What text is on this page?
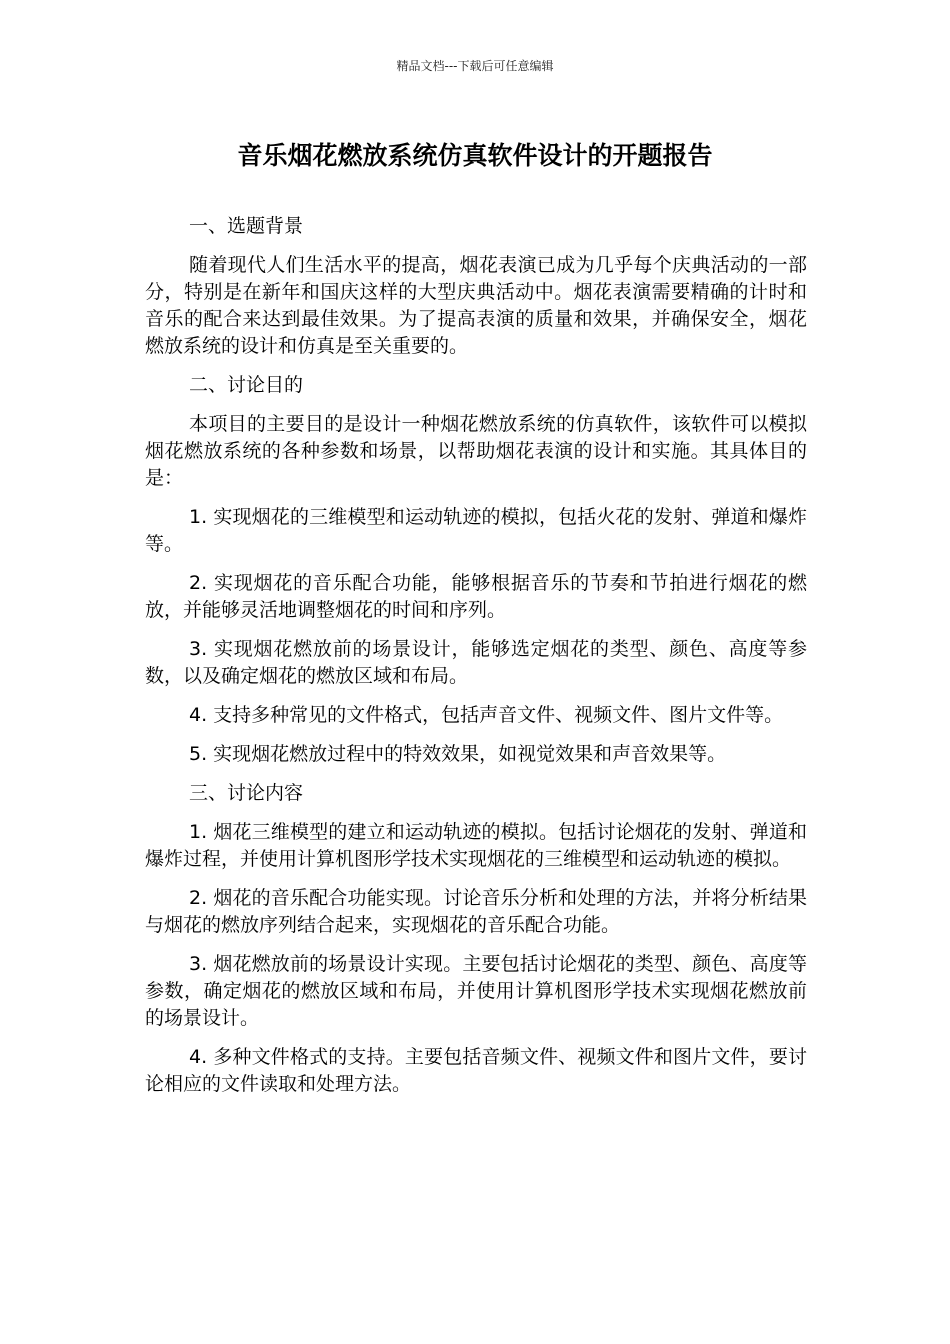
精品文档---下载后可任意编辑
音乐烟花燃放系统仿真软件设计的开题报告

一、选题背景

随着现代人们生活水平的提高，烟花表演已成为几乎每个庆典活动的一部分，特别是在新年和国庆这样的大型庆典活动中。烟花表演需要精确的计时和音乐的配合来达到最佳效果。为了提高表演的质量和效果，并确保安全，烟花燃放系统的设计和仿真是至关重要的。

二、讨论目的

本项目的主要目的是设计一种烟花燃放系统的仿真软件，该软件可以模拟烟花燃放系统的各种参数和场景，以帮助烟花表演的设计和实施。其具体目的是：

1. 实现烟花的三维模型和运动轨迹的模拟，包括火花的发射、弹道和爆炸等。

2. 实现烟花的音乐配合功能，能够根据音乐的节奏和节拍进行烟花的燃放，并能够灵活地调整烟花的时间和序列。

3. 实现烟花燃放前的场景设计，能够选定烟花的类型、颜色、高度等参数，以及确定烟花的燃放区域和布局。

4. 支持多种常见的文件格式，包括声音文件、视频文件、图片文件等。

5. 实现烟花燃放过程中的特效效果，如视觉效果和声音效果等。

三、讨论内容

1. 烟花三维模型的建立和运动轨迹的模拟。包括讨论烟花的发射、弹道和爆炸过程，并使用计算机图形学技术实现烟花的三维模型和运动轨迹的模拟。

2. 烟花的音乐配合功能实现。讨论音乐分析和处理的方法，并将分析结果与烟花的燃放序列结合起来，实现烟花的音乐配合功能。

3. 烟花燃放前的场景设计实现。主要包括讨论烟花的类型、颜色、高度等参数，确定烟花的燃放区域和布局，并使用计算机图形学技术实现烟花燃放前的场景设计。

4. 多种文件格式的支持。主要包括音频文件、视频文件和图片文件，要讨论相应的文件读取和处理方法。
